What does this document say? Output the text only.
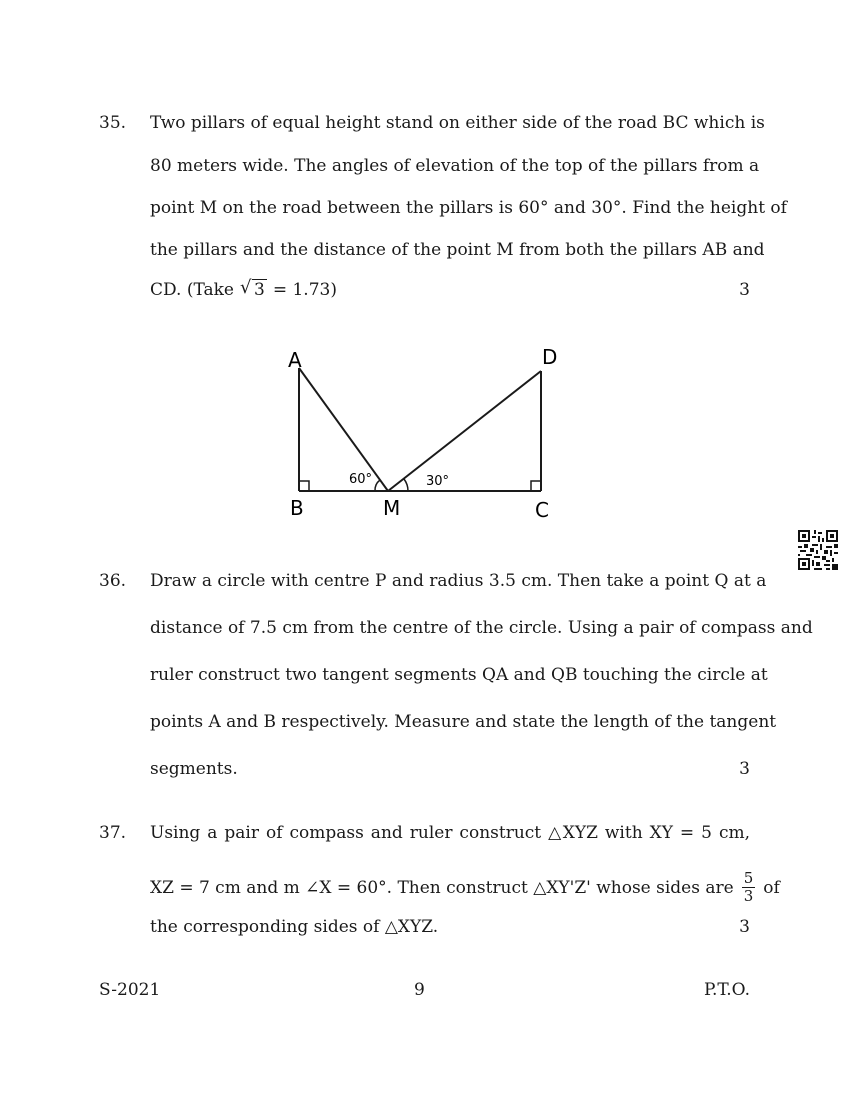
35. Two pillars of equal height stand on either side of the road BC which is
80 meters wide. The angles of elevation of the top of the pillars from a
point M on the road between the pillars is 60° and 30°. Find the height of
the pillars and the distance of the point M from both the pillars AB and
CD. (Take √ 3 = 1.73)	3
A	D
B	M	C
60°	30°
36. Draw a circle with centre P and radius 3.5 cm. Then take a point Q at a
distance of 7.5 cm from the centre of the circle. Using a pair of compass and
ruler construct two tangent segments QA and QB touching the circle at
points A and B respectively. Measure and state the length of the tangent
segments.	3
37. Using a pair of compass and ruler construct △XYZ with XY = 5 cm,
XZ = 7 cm and m ∠X = 60°. Then construct △XY'Z' whose sides are $\frac{5}{3}$ of
the corresponding sides of △XYZ.	3
S-2021	9	P.T.O.
